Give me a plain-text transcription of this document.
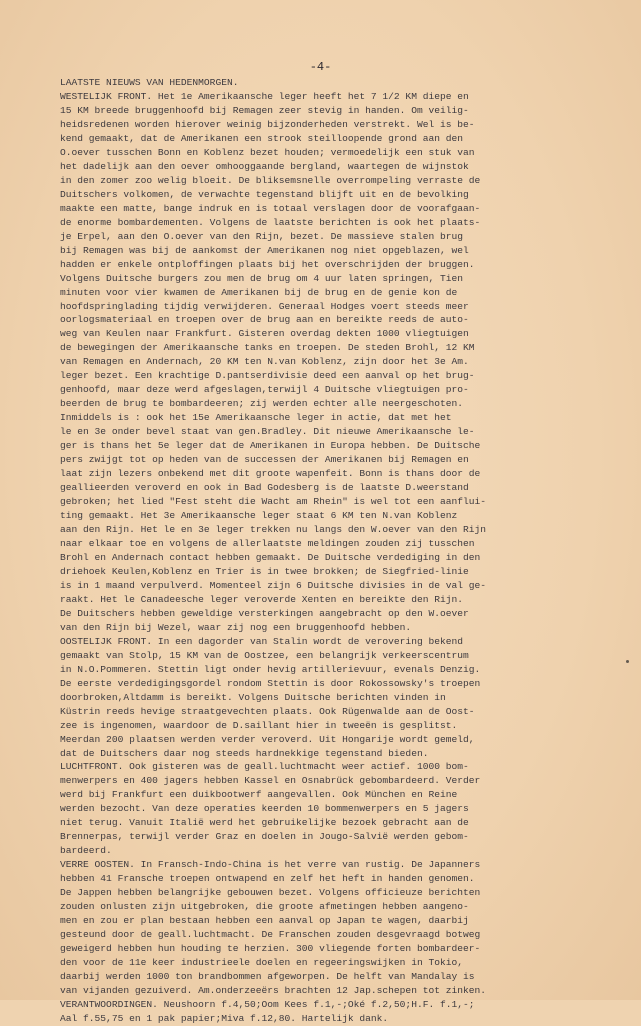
-4-
LAATSTE NIEUWS VAN HEDENMORGEN.
WESTELIJK FRONT. Het 1e Amerikaansche leger heeft het 7 1/2 KM diepe en
15 KM breede bruggenhoofd bij Remagen zeer stevig in handen. Om veilig-
heidsredenen worden hierover weinig bijzonderheden verstrekt. Wel is be-
kend gemaakt, dat de Amerikanen een strook steilloopende grond aan den
O.oever tusschen Bonn en Koblenz bezet houden; vermoedelijk een stuk van
het dadelijk aan den oever omhooggaande bergland, waartegen de wijnstok
in den zomer zoo welig bloeit. De bliksemsnelle overrompeling verraste de
Duitschers volkomen, de verwachte tegenstand blijft uit en de bevolking
maakte een matte, bange indruk en is totaal verslagen door de voorafgaan-
de enorme bombardementen. Volgens de laatste berichten is ook het plaats-
je Erpel, aan den O.oever van den Rijn, bezet. De massieve stalen brug
bij Remagen was bij de aankomst der Amerikanen nog niet opgeblazen, wel
hadden er enkele ontploffingen plaats bij het overschrijden der bruggen.
Volgens Duitsche burgers zou men de brug om 4 uur laten springen, Tien
minuten voor vier kwamen de Amerikanen bij de brug en de genie kon de
hoofdspringlading tijdig verwijderen. Generaal Hodges voert steeds meer
oorlogsmateriaal en troepen over de brug aan en bereikte reeds de auto-
weg van Keulen naar Frankfurt. Gisteren overdag dekten 1000 vliegtuigen
de bewegingen der Amerikaansche tanks en troepen. De steden Brohl, 12 KM
van Remagen en Andernach, 20 KM ten N.van Koblenz, zijn door het 3e Am.
leger bezet. Een krachtige D.pantserdivisie deed een aanval op het brug-
genhoofd, maar deze werd afgeslagen,terwijl 4 Duitsche vliegtuigen pro-
beerden de brug te bombardeeren; zij werden echter alle neergeschoten.
Inmiddels is : ook het 15e Amerikaansche leger in actie, dat met het
le en 3e onder bevel staat van gen.Bradley. Dit nieuwe Amerikaansche le-
ger is thans het 5e leger dat de Amerikanen in Europa hebben. De Duitsche
pers zwijgt tot op heden van de successen der Amerikanen bij Remagen en
laat zijn lezers onbekend met dit groote wapenfeit. Bonn is thans door de
geallieerden veroverd en ook in Bad Godesberg is de laatste D.weerstand
gebroken; het lied "Fest steht die Wacht am Rhein" is wel tot een aanflui-
ting gemaakt. Het 3e Amerikaansche leger staat 6 KM ten N.van Koblenz
aan den Rijn. Het le en 3e leger trekken nu langs den W.oever van den Rijn
naar elkaar toe en volgens de allerlaatste meldingen zouden zij tusschen
Brohl en Andernach contact hebben gemaakt. De Duitsche verdediging in den
driehoek Keulen,Koblenz en Trier is in twee brokken; de Siegfried-linie
is in 1 maand verpulverd. Momenteel zijn 6 Duitsche divisies in de val ge-
raakt. Het le Canadeesche leger veroverde Xenten en bereikte den Rijn.
De Duitschers hebben geweldige versterkingen aangebracht op den W.oever
van den Rijn bij Wezel, waar zij nog een bruggenhoofd hebben.
OOSTELIJK FRONT. In een dagorder van Stalin wordt de verovering bekend
gemaakt van Stolp, 15 KM van de Oostzee, een belangrijk verkeerscentrum
in N.O.Pommeren. Stettin ligt onder hevig artillerievuur, evenals Denzig.
De eerste verdedigingsgordel rondom Stettin is door Rokossowsky's troepen
doorbroken,Altdamm is bereikt. Volgens Duitsche berichten vinden in
Küstrin reeds hevige straatgevechten plaats. Ook Rügenwalde aan de Oost-
zee is ingenomen, waardoor de D.saillant hier in tweeën is gesplitst.
Meerdan 200 plaatsen werden verder veroverd. Uit Hongarije wordt gemeld,
dat de Duitschers daar nog steeds hardnekkige tegenstand bieden.
LUCHTFRONT. Ook gisteren was de geall.luchtmacht weer actief. 1000 bom-
menwerpers en 400 jagers hebben Kassel en Osnabrück gebombardeerd. Verder
werd bij Frankfurt een duikbootwerf aangevallen. Ook München en Reine
werden bezocht. Van deze operaties keerden 10 bommenwerpers en 5 jagers
niet terug. Vanuit Italië werd het gebruikelijke bezoek gebracht aan de
Brennerpas, terwijl verder Graz en doelen in Jougo-Salvië werden gebom-
bardeerd.
VERRE OOSTEN. In Fransch-Indo-China is het verre van rustig. De Japanners
hebben 41 Fransche troepen ontwapend en zelf het heft in handen genomen.
De Jappen hebben belangrijke gebouwen bezet. Volgens officieuze berichten
zouden onlusten zijn uitgebroken, die groote afmetingen hebben aangeno-
men en zou er plan bestaan hebben een aanval op Japan te wagen, daarbij
gesteund door de geall.luchtmacht. De Franschen zouden desgevraagd botweg
geweigerd hebben hun houding te herzien. 300 vliegende forten bombardeer-
den voor de 11e keer industrieele doelen en regeeringswijken in Tokio,
daarbij werden 1000 ton brandbommen afgeworpen. De helft van Mandalay is
van vijanden gezuiverd. Am.onderzeeërs brachten 12 Jap.schepen tot zinken.
VERANTWOORDINGEN. Neushoorn f.4,50;Oom Kees f.1,-;Oké f.2,50;H.F. f.1,-;
Aal f.55,75 en 1 pak papier;Miva f.12,80. Hartelijk dank.
